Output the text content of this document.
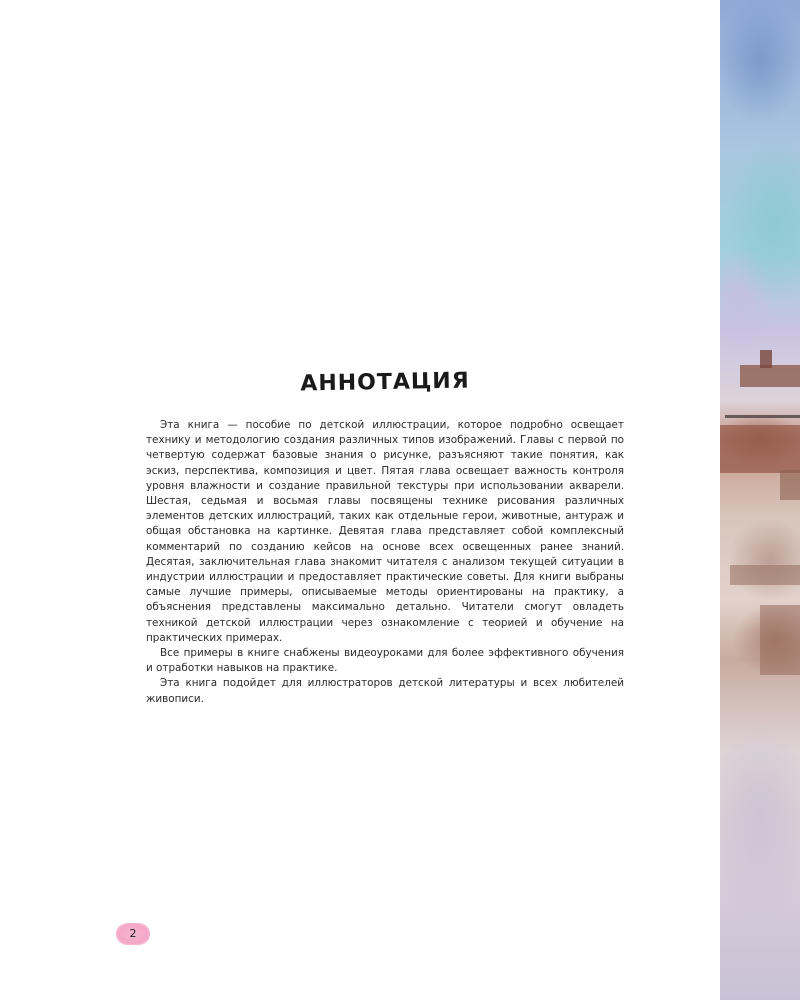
АННОТАЦИЯ

Эта книга — пособие по детской иллюстрации, которое подробно освещает технику и методологию создания различных типов изображений. Главы с первой по четвертую содержат базовые знания о рисунке, разъясняют такие понятия, как эскиз, перспектива, композиция и цвет. Пятая глава освещает важность контроля уровня влажности и создание правильной текстуры при использовании акварели. Шестая, седьмая и восьмая главы посвящены технике рисования различных элементов детских иллюстраций, таких как отдельные герои, животные, антураж и общая обстановка на картинке. Девятая глава представляет собой комплексный комментарий по созданию кейсов на основе всех освещенных ранее знаний. Десятая, заключительная глава знакомит читателя с анализом текущей ситуации в индустрии иллюстрации и предоставляет практические советы. Для книги выбраны самые лучшие примеры, описываемые методы ориентированы на практику, а объяснения представлены максимально детально. Читатели смогут овладеть техникой детской иллюстрации через ознакомление с теорией и обучение на практических примерах.

Все примеры в книге снабжены видеоуроками для более эффективного обучения и отработки навыков на практике.

Эта книга подойдет для иллюстраторов детской литературы и всех любителей живописи.

2
